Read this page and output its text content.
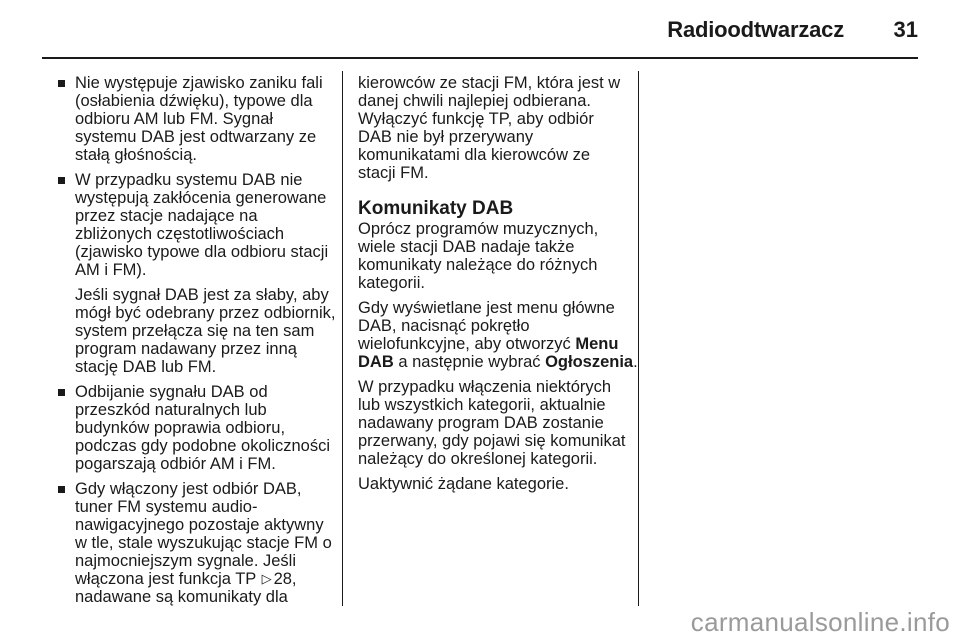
Radioodtwarzacz 31
Nie występuje zjawisko zaniku fali
(osłabienia dźwięku), typowe dla
odbioru AM lub FM. Sygnał
systemu DAB jest odtwarzany ze
stałą głośnością.
W przypadku systemu DAB nie
występują zakłócenia generowane
przez stacje nadające na
zbliżonych częstotliwościach
(zjawisko typowe dla odbioru stacji
AM i FM).
Jeśli sygnał DAB jest za słaby, aby
mógł być odebrany przez odbiornik,
system przełącza się na ten sam
program nadawany przez inną
stację DAB lub FM.
Odbijanie sygnału DAB od
przeszkód naturalnych lub
budynków poprawia odbioru,
podczas gdy podobne okoliczności
pogarszają odbiór AM i FM.
Gdy włączony jest odbiór DAB,
tuner FM systemu audio-
nawigacyjnego pozostaje aktywny
w tle, stale wyszukując stacje FM o
najmocniejszym sygnale. Jeśli
włączona jest funkcja TP ▷ 28,
nadawane są komunikaty dla
kierowców ze stacji FM, która jest w
danej chwili najlepiej odbierana.
Wyłączyć funkcję TP, aby odbiór
DAB nie był przerywany
komunikatami dla kierowców ze
stacji FM.
Komunikaty DAB
Oprócz programów muzycznych,
wiele stacji DAB nadaje także
komunikaty należące do różnych
kategorii.
Gdy wyświetlane jest menu główne
DAB, nacisnąć pokrętło
wielofunkcyjne, aby otworzyć Menu
DAB a następnie wybrać Ogłoszenia.
W przypadku włączenia niektórych
lub wszystkich kategorii, aktualnie
nadawany program DAB zostanie
przerwany, gdy pojawi się komunikat
należący do określonej kategorii.
Uaktywnić żądane kategorie.
carmanualsonline.info
